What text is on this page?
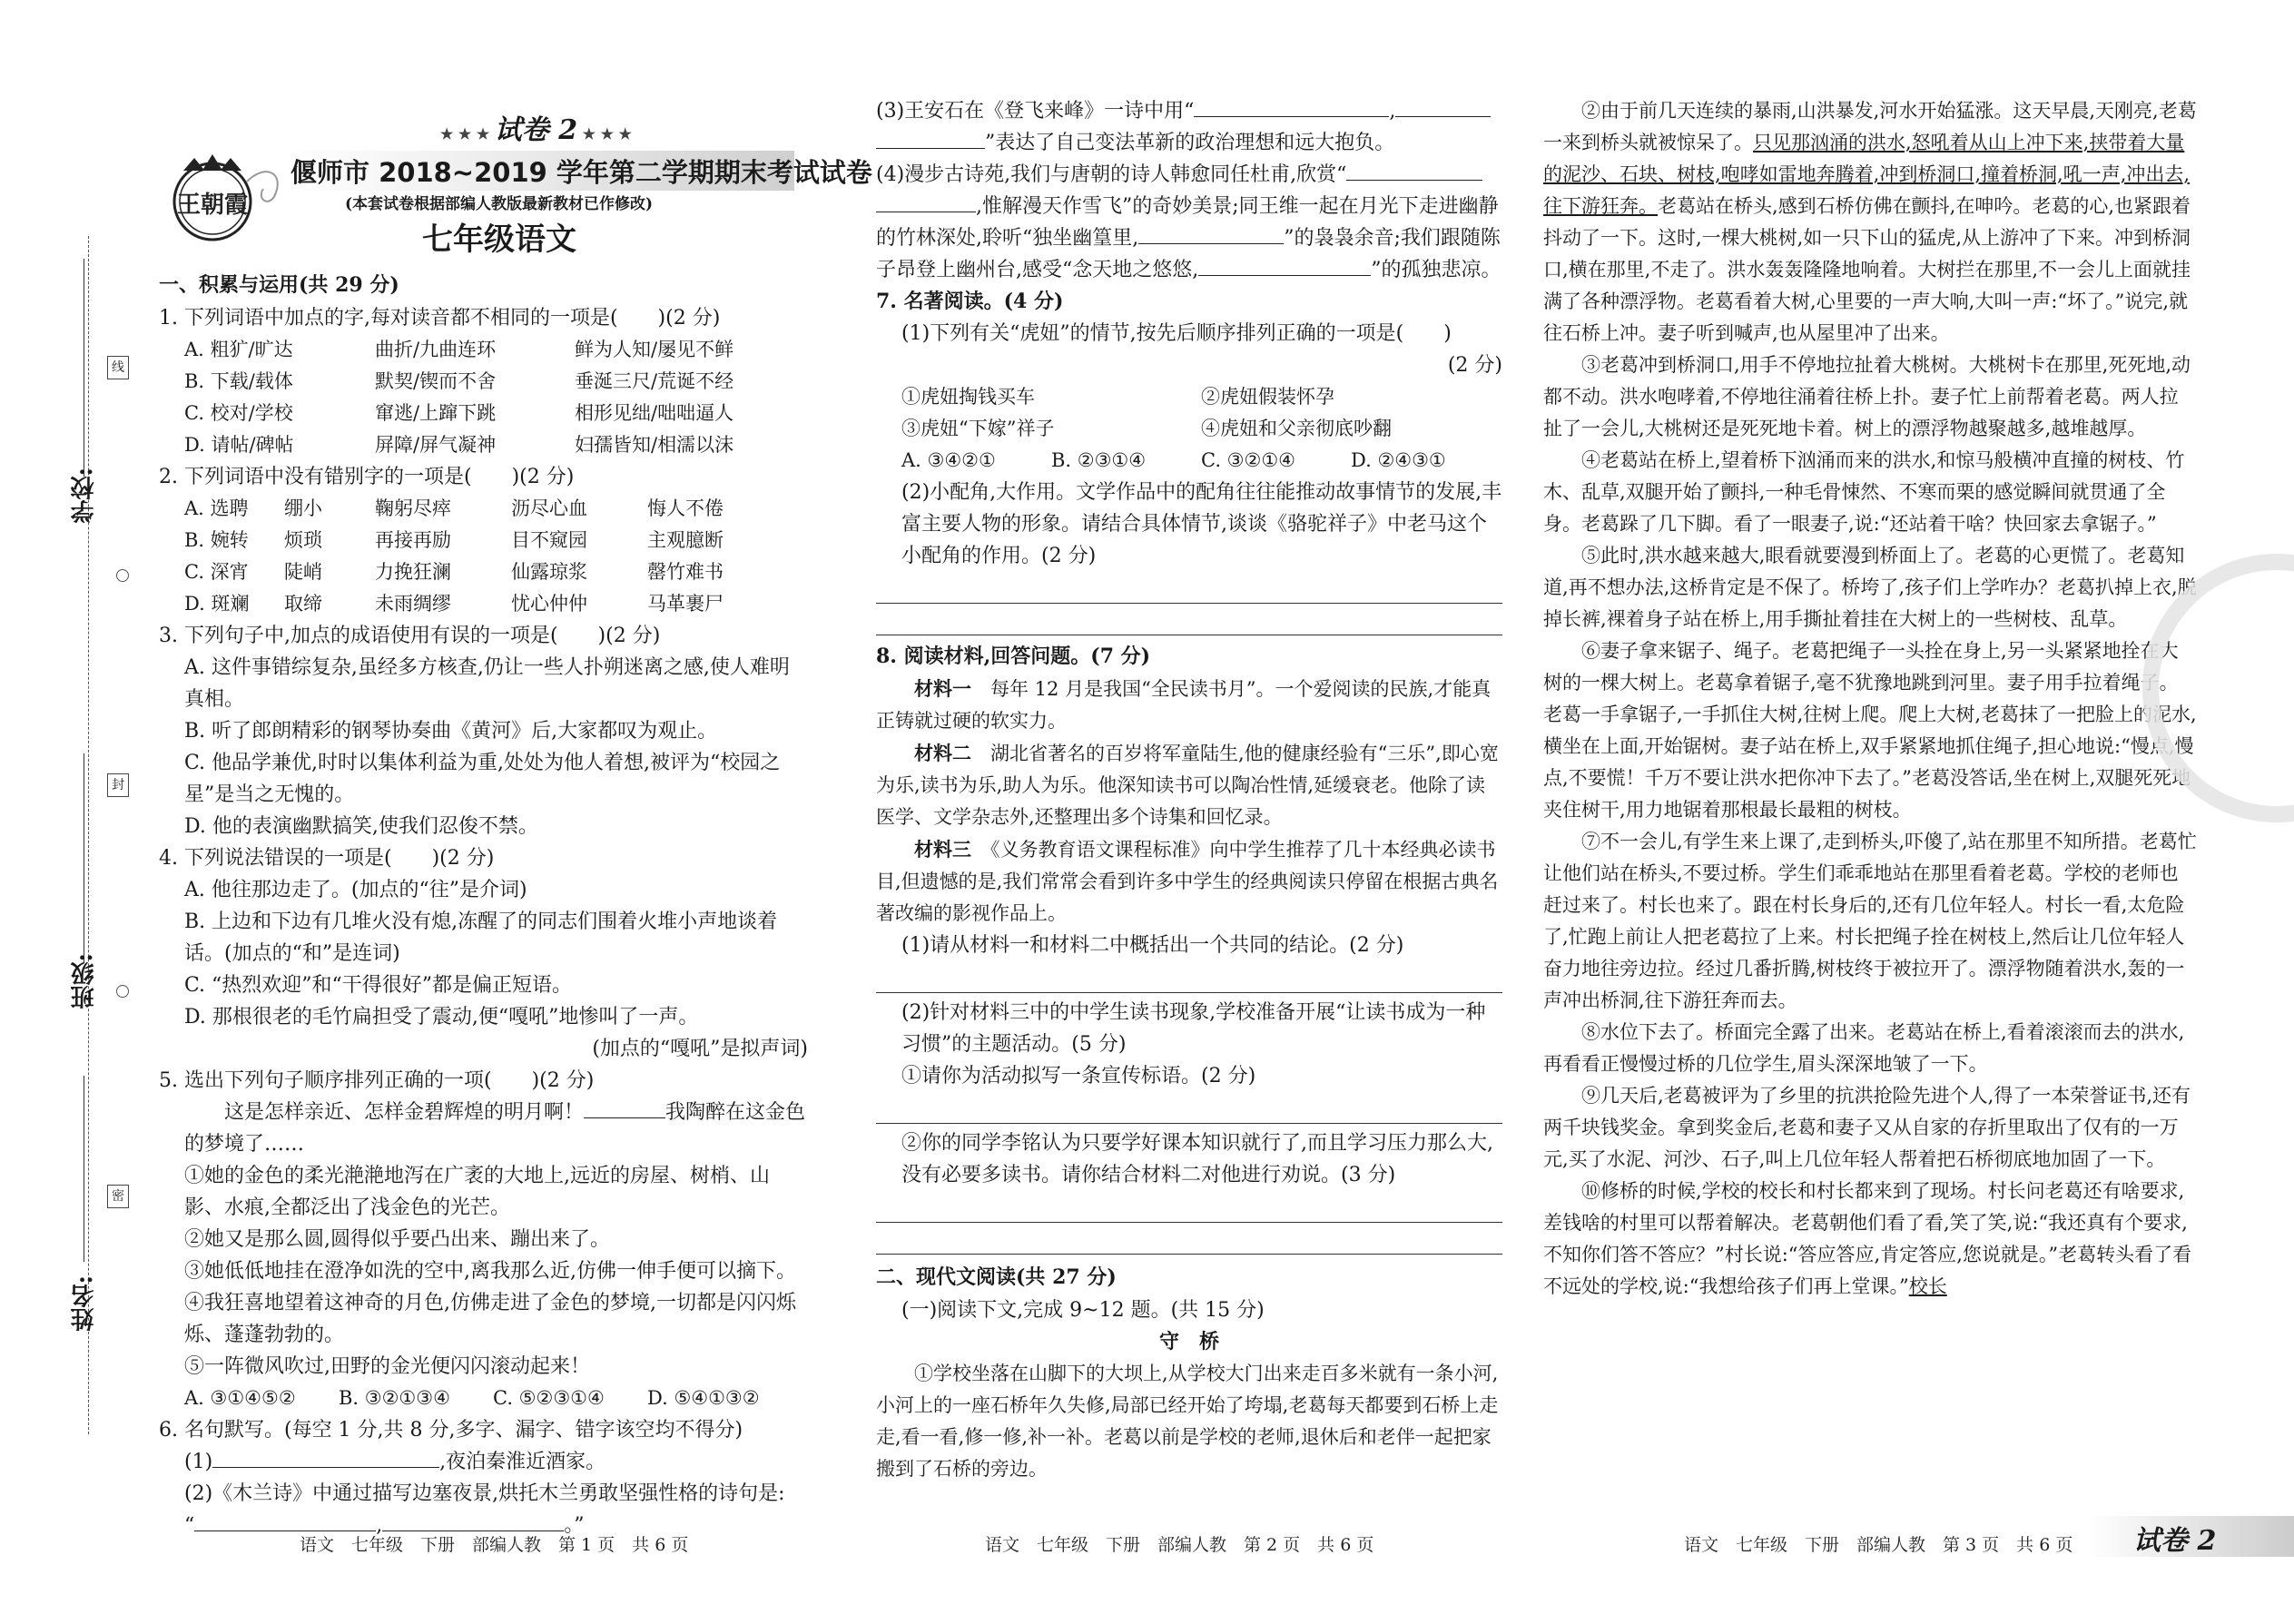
学校:
班级:
姓名:
线
封
密
王朝霞
★ ★ ★ 试卷 2 ★ ★ ★
偃师市 2018~2019 学年第二学期期末考试试卷
(本套试卷根据部编人教版最新教材已作修改)
七年级语文

一、积累与运用(共 29 分)

1. 下列词语中加点的字,每对读音都不相同的一项是(　　)(2 分)

A. 粗犷/旷达	曲折/九曲连环	鲜为人知/屡见不鲜
B. 下载/载体	默契/锲而不舍	垂涎三尺/荒诞不经
C. 校对/学校	窜逃/上蹿下跳	相形见绌/咄咄逼人
D. 请帖/碑帖	屏障/屏气凝神	妇孺皆知/相濡以沫

2. 下列词语中没有错别字的一项是(　　)(2 分)

A. 选聘	绷小	鞠躬尽瘁	沥尽心血	悔人不倦
B. 婉转	烦琐	再接再励	目不窥园	主观臆断
C. 深宵	陡峭	力挽狂澜	仙露琼浆	罄竹难书
D. 斑斓	取缔	未雨绸缪	忧心仲仲	马革裹尸

3. 下列句子中,加点的成语使用有误的一项是(　　)(2 分)

A. 这件事错综复杂,虽经多方核查,仍让一些人扑朔迷离之感,使人难明真相。

B. 听了郎朗精彩的钢琴协奏曲《黄河》后,大家都叹为观止。

C. 他品学兼优,时时以集体利益为重,处处为他人着想,被评为“校园之星”是当之无愧的。

D. 他的表演幽默搞笑,使我们忍俊不禁。

4. 下列说法错误的一项是(　　)(2 分)

A. 他往那边走了。(加点的“往”是介词)

B. 上边和下边有几堆火没有熄,冻醒了的同志们围着火堆小声地谈着话。(加点的“和”是连词)

C. “热烈欢迎”和“干得很好”都是偏正短语。

D. 那根很老的毛竹扁担受了震动,便“嘎吼”地惨叫了一声。

(加点的“嘎吼”是拟声词)

5. 选出下列句子顺序排列正确的一项(　　)(2 分)

这是怎样亲近、怎样金碧辉煌的明月啊！	我陶醉在这金色的梦境了……

①她的金色的柔光滟滟地泻在广袤的大地上,远近的房屋、树梢、山影、水痕,全都泛出了浅金色的光芒。

②她又是那么圆,圆得似乎要凸出来、蹦出来了。

③她低低地挂在澄净如洗的空中,离我那么近,仿佛一伸手便可以摘下。

④我狂喜地望着这神奇的月色,仿佛走进了金色的梦境,一切都是闪闪烁烁、蓬蓬勃勃的。

⑤一阵微风吹过,田野的金光便闪闪滚动起来！

A. ③①④⑤②	B. ③②①③④	C. ⑤②③①④	D. ⑤④①③②

6. 名句默写。(每空 1 分,共 8 分,多字、漏字、错字该空均不得分)

(1)	,夜泊秦淮近酒家。

(2)《木兰诗》中通过描写边塞夜景,烘托木兰勇敢坚强性格的诗句是:

“	,	。”

(3)王安石在《登飞来峰》一诗中用“	,

”表达了自己变法革新的政治理想和远大抱负。

(4)漫步古诗苑,我们与唐朝的诗人韩愈同任杜甫,欣赏“

,惟解漫天作雪飞”的奇妙美景;同王维一起在月光下走进幽静的竹林深处,聆听“独坐幽篁里,	”的袅袅余音;我们跟随陈子昂登上幽州台,感受“念天地之悠悠,	”的孤独悲凉。

7. 名著阅读。(4 分)

(1)下列有关“虎妞”的情节,按先后顺序排列正确的一项是(　　)

(2 分)

①虎妞掏钱买车	②虎妞假装怀孕
③虎妞“下嫁”祥子	④虎妞和父亲彻底吵翻
A. ③④②①	B. ②③①④	C. ③②①④	D. ②④③①

(2)小配角,大作用。文学作品中的配角往往能推动故事情节的发展,丰富主要人物的形象。请结合具体情节,谈谈《骆驼祥子》中老马这个小配角的作用。(2 分)

8. 阅读材料,回答问题。(7 分)

材料一　 每年 12 月是我国“全民读书月”。一个爱阅读的民族,才能真正铸就过硬的软实力。

材料二　 湖北省著名的百岁将军童陆生,他的健康经验有“三乐”,即心宽为乐,读书为乐,助人为乐。他深知读书可以陶冶性情,延缓衰老。他除了读医学、文学杂志外,还整理出多个诗集和回忆录。

材料三　 《义务教育语文课程标准》向中学生推荐了几十本经典必读书目,但遗憾的是,我们常常会看到许多中学生的经典阅读只停留在根据古典名著改编的影视作品上。

(1)请从材料一和材料二中概括出一个共同的结论。(2 分)

(2)针对材料三中的中学生读书现象,学校准备开展“让读书成为一种习惯”的主题活动。(5 分)

①请你为活动拟写一条宣传标语。(2 分)

②你的同学李铭认为只要学好课本知识就行了,而且学习压力那么大,没有必要多读书。请你结合材料二对他进行劝说。(3 分)

二、现代文阅读(共 27 分)

(一)阅读下文,完成 9~12 题。(共 15 分)

守　桥

①学校坐落在山脚下的大坝上,从学校大门出来走百多米就有一条小河,小河上的一座石桥年久失修,局部已经开始了垮塌,老葛每天都要到石桥上走走,看一看,修一修,补一补。老葛以前是学校的老师,退休后和老伴一起把家搬到了石桥的旁边。

②由于前几天连续的暴雨,山洪暴发,河水开始猛涨。这天早晨,天刚亮,老葛一来到桥头就被惊呆了。只见那汹涌的洪水,怒吼着从山上冲下来,挟带着大量的泥沙、石块、树枝,咆哮如雷地奔腾着,冲到桥洞口,撞着桥洞,吼一声,冲出去,往下游狂奔。老葛站在桥头,感到石桥仿佛在颤抖,在呻吟。老葛的心,也紧跟着抖动了一下。这时,一棵大桃树,如一只下山的猛虎,从上游冲了下来。冲到桥洞口,横在那里,不走了。洪水轰轰隆隆地响着。大树拦在那里,不一会儿上面就挂满了各种漂浮物。老葛看着大树,心里要的一声大响,大叫一声:“坏了。”说完,就往石桥上冲。妻子听到喊声,也从屋里冲了出来。

③老葛冲到桥洞口,用手不停地拉扯着大桃树。大桃树卡在那里,死死地,动都不动。洪水咆哮着,不停地往涌着往桥上扑。妻子忙上前帮着老葛。两人拉扯了一会儿,大桃树还是死死地卡着。树上的漂浮物越聚越多,越堆越厚。

④老葛站在桥上,望着桥下汹涌而来的洪水,和惊马般横冲直撞的树枝、竹木、乱草,双腿开始了颤抖,一种毛骨悚然、不寒而栗的感觉瞬间就贯通了全身。老葛跺了几下脚。看了一眼妻子,说:“还站着干啥？快回家去拿锯子。”

⑤此时,洪水越来越大,眼看就要漫到桥面上了。老葛的心更慌了。老葛知道,再不想办法,这桥肯定是不保了。桥垮了,孩子们上学咋办？老葛扒掉上衣,脱掉长裤,裸着身子站在桥上,用手撕扯着挂在大树上的一些树枝、乱草。

⑥妻子拿来锯子、绳子。老葛把绳子一头拴在身上,另一头紧紧地拴在大树的一棵大树上。老葛拿着锯子,毫不犹豫地跳到河里。妻子用手拉着绳子。老葛一手拿锯子,一手抓住大树,往树上爬。爬上大树,老葛抹了一把脸上的泥水,横坐在上面,开始锯树。妻子站在桥上,双手紧紧地抓住绳子,担心地说:“慢点,慢点,不要慌！千万不要让洪水把你冲下去了。”老葛没答话,坐在树上,双腿死死地夹住树干,用力地锯着那根最长最粗的树枝。

⑦不一会儿,有学生来上课了,走到桥头,吓傻了,站在那里不知所措。老葛忙让他们站在桥头,不要过桥。学生们乖乖地站在那里看着老葛。学校的老师也赶过来了。村长也来了。跟在村长身后的,还有几位年轻人。村长一看,太危险了,忙跑上前让人把老葛拉了上来。村长把绳子拴在树枝上,然后让几位年轻人奋力地往旁边拉。经过几番折腾,树枝终于被拉开了。漂浮物随着洪水,轰的一声冲出桥洞,往下游狂奔而去。

⑧水位下去了。桥面完全露了出来。老葛站在桥上,看着滚滚而去的洪水,再看看正慢慢过桥的几位学生,眉头深深地皱了一下。

⑨几天后,老葛被评为了乡里的抗洪抢险先进个人,得了一本荣誉证书,还有两千块钱奖金。拿到奖金后,老葛和妻子又从自家的存折里取出了仅有的一万元,买了水泥、河沙、石子,叫上几位年轻人帮着把石桥彻底地加固了一下。

⑩修桥的时候,学校的校长和村长都来到了现场。村长问老葛还有啥要求,差钱啥的村里可以帮着解决。老葛朝他们看了看,笑了笑,说:“我还真有个要求,不知你们答不答应？”村长说:“答应答应,肯定答应,您说就是。”老葛转头看了看不远处的学校,说:“我想给孩子们再上堂课。”校长

语文　七年级　下册　部编人教　第 1 页　共 6 页	语文　七年级　下册　部编人教　第 2 页　共 6 页	语文　七年级　下册　部编人教　第 3 页　共 6 页 试卷 2
